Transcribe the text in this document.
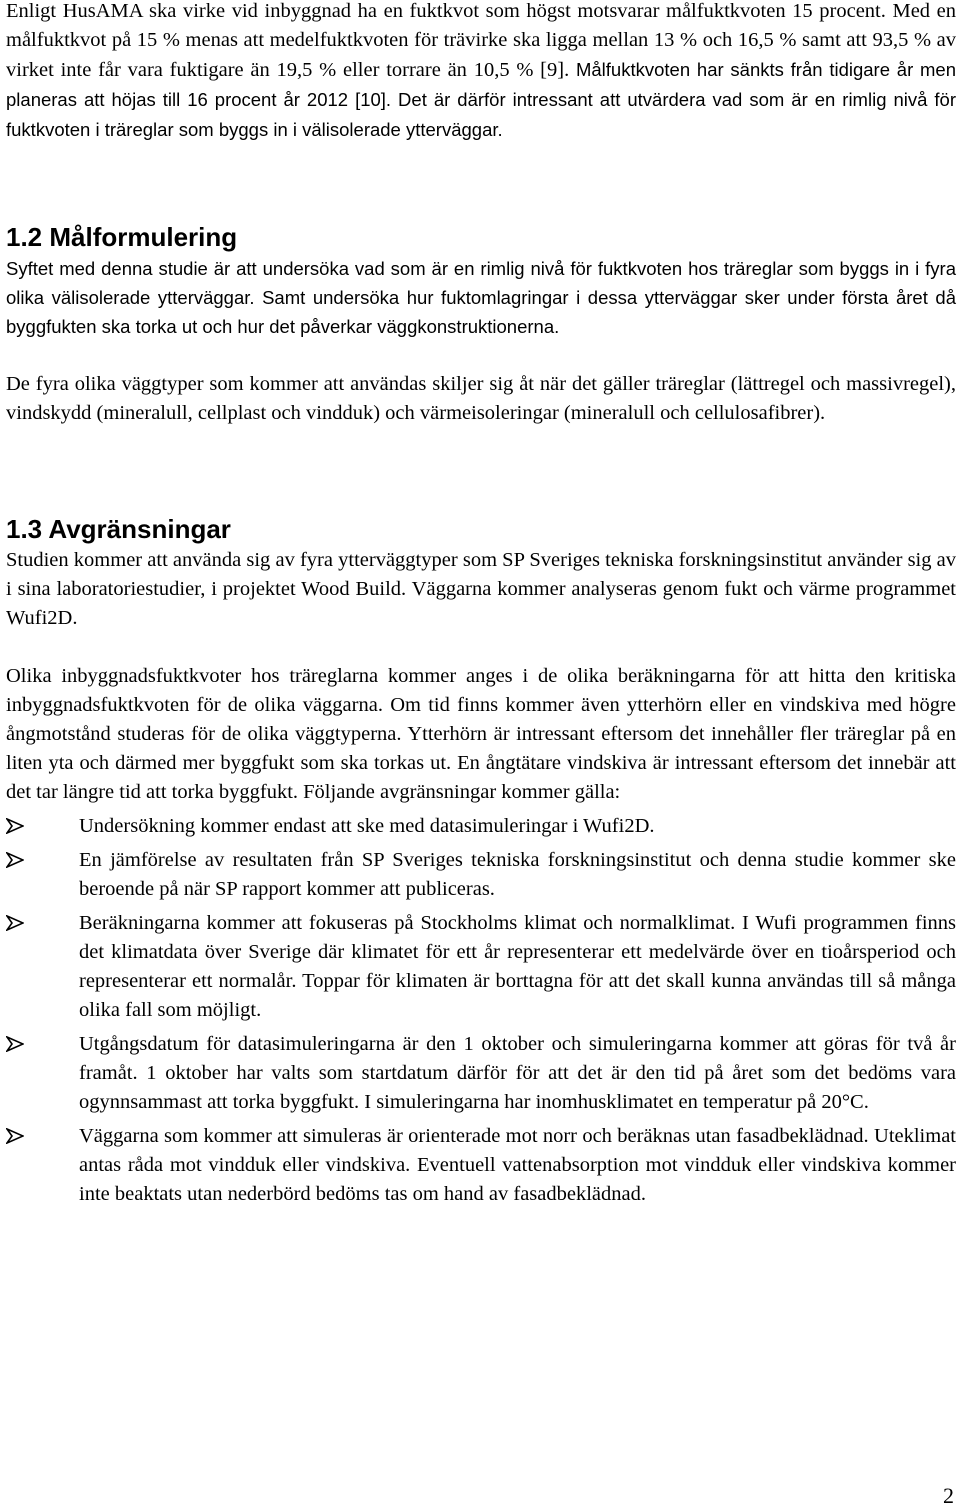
Enligt HusAMA ska virke vid inbyggnad ha en fuktkvot som högst motsvarar målfuktkvoten 15 procent. Med en målfuktkvot på 15 % menas att medelfuktkvoten för trävirke ska ligga mellan 13 % och 16,5 % samt att 93,5 % av virket inte får vara fuktigare än 19,5 % eller torrare än 10,5 % [9]. Målfuktkvoten har sänkts från tidigare år men planeras att höjas till 16 procent år 2012 [10]. Det är därför intressant att utvärdera vad som är en rimlig nivå för fuktkvoten i träreglar som byggs in i välisolerade ytterväggar.

1.2 Målformulering

Syftet med denna studie är att undersöka vad som är en rimlig nivå för fuktkvoten hos träreglar som byggs in i fyra olika välisolerade ytterväggar. Samt undersöka hur fuktomlagringar i dessa ytterväggar sker under första året då byggfukten ska torka ut och hur det påverkar väggkonstruktionerna.

De fyra olika väggtyper som kommer att användas skiljer sig åt när det gäller träreglar (lättregel och massivregel), vindskydd (mineralull, cellplast och vindduk) och värmeisoleringar (mineralull och cellulosafibrer).

1.3 Avgränsningar

Studien kommer att använda sig av fyra ytterväggtyper som SP Sveriges tekniska forskningsinstitut använder sig av i sina laboratoriestudier, i projektet Wood Build. Väggarna kommer analyseras genom fukt och värme programmet Wufi2D.

Olika inbyggnadsfuktkvoter hos träreglarna kommer anges i de olika beräkningarna för att hitta den kritiska inbyggnadsfuktkvoten för de olika väggarna. Om tid finns kommer även ytterhörn eller en vindskiva med högre ångmotstånd studeras för de olika väggtyperna. Ytterhörn är intressant eftersom det innehåller fler träreglar på en liten yta och därmed mer byggfukt som ska torkas ut. En ångtätare vindskiva är intressant eftersom det innebär att det tar längre tid att torka byggfukt. Följande avgränsningar kommer gälla:

Undersökning kommer endast att ske med datasimuleringar i Wufi2D.
En jämförelse av resultaten från SP Sveriges tekniska forskningsinstitut och denna studie kommer ske beroende på när SP rapport kommer att publiceras.
Beräkningarna kommer att fokuseras på Stockholms klimat och normalklimat. I Wufi programmen finns det klimatdata över Sverige där klimatet för ett år representerar ett medelvärde över en tioårsperiod och representerar ett normalår. Toppar för klimaten är borttagna för att det skall kunna användas till så många olika fall som möjligt.
Utgångsdatum för datasimuleringarna är den 1 oktober och simuleringarna kommer att göras för två år framåt. 1 oktober har valts som startdatum därför för att det är den tid på året som det bedöms vara ogynnsammast att torka byggfukt. I simuleringarna har inomhusklimatet en temperatur på 20°C.
Väggarna som kommer att simuleras är orienterade mot norr och beräknas utan fasadbeklädnad. Uteklimat antas råda mot vindduk eller vindskiva. Eventuell vattenabsorption mot vindduk eller vindskiva kommer inte beaktats utan nederbörd bedöms tas om hand av fasadbeklädnad.
2
